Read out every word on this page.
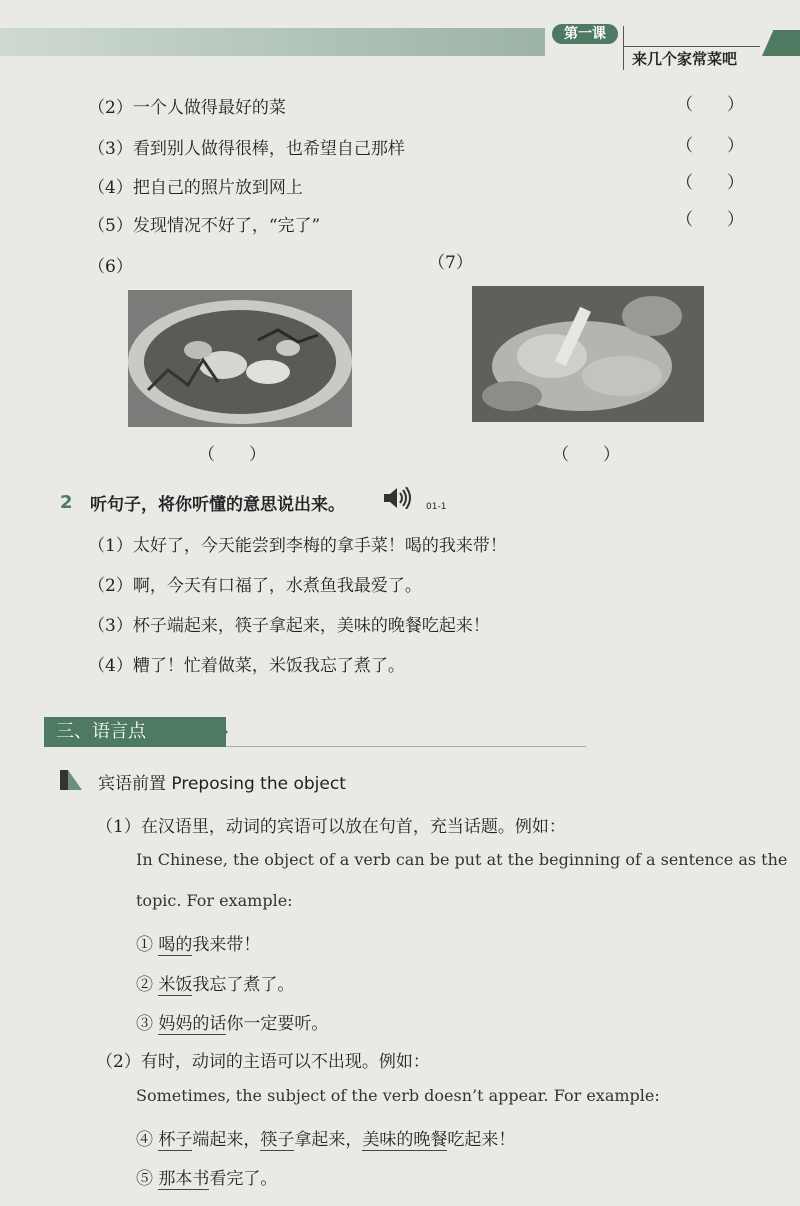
第一课
来几个家常菜吧
（2）一个人做得最好的菜	（　　）
（3）看到别人做得很棒，也希望自己那样	（　　）
（4）把自己的照片放到网上	（　　）
（5）发现情况不好了，“完了”	（　　）
（6）	（7）
（　　）	（　　）
2 听句子，将你听懂的意思说出来。	01-1
（1）太好了，今天能尝到李梅的拿手菜！喝的我来带！
（2）啊，今天有口福了，水煮鱼我最爱了。
（3）杯子端起来，筷子拿起来，美味的晚餐吃起来！
（4）糟了！忙着做菜，米饭我忘了煮了。
三、语言点
宾语前置 Preposing the object
（1）在汉语里，动词的宾语可以放在句首，充当话题。例如：
In Chinese, the object of a verb can be put at the beginning of a sentence as the
topic. For example:
① 喝的我来带！
② 米饭我忘了煮了。
③ 妈妈的话你一定要听。
（2）有时，动词的主语可以不出现。例如：
Sometimes, the subject of the verb doesn’t appear. For example:
④ 杯子端起来，筷子拿起来，美味的晚餐吃起来！
⑤ 那本书看完了。
